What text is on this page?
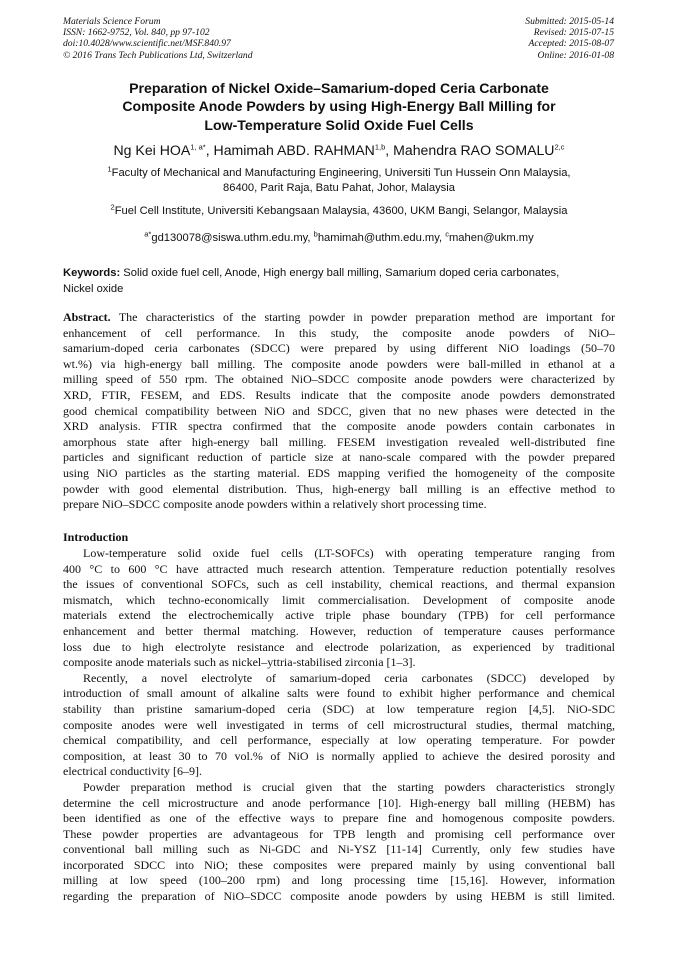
Materials Science Forum
ISSN: 1662-9752, Vol. 840, pp 97-102
doi:10.4028/www.scientific.net/MSF.840.97
© 2016 Trans Tech Publications Ltd, Switzerland
Submitted: 2015-05-14
Revised: 2015-07-15
Accepted: 2015-08-07
Online: 2016-01-08
Preparation of Nickel Oxide–Samarium-doped Ceria Carbonate
Composite Anode Powders by using High-Energy Ball Milling for
Low-Temperature Solid Oxide Fuel Cells
Ng Kei $HOA^{1, a*}$, Hamimah ABD. RAHMAN$^{1,b}$, Mahendra RAO SOMALU$^{2,c}$
$^1$Faculty of Mechanical and Manufacturing Engineering, Universiti Tun Hussein Onn Malaysia,
86400, Parit Raja, Batu Pahat, Johor, Malaysia
$^2$Fuel Cell Institute, Universiti Kebangsaan Malaysia, 43600, UKM Bangi, Selangor, Malaysia
$^{a*}$gd130078@siswa.uthm.edu.my, $^b$hamimah@uthm.edu.my, $^c$mahen@ukm.my
Keywords: Solid oxide fuel cell, Anode, High energy ball milling, Samarium doped ceria carbonates,
Nickel oxide
Abstract. The characteristics of the starting powder in powder preparation method are important for
enhancement of cell performance. In this study, the composite anode powders of NiO–
samarium-doped ceria carbonates (SDCC) were prepared by using different NiO loadings (50–70
wt.%) via high-energy ball milling. The composite anode powders were ball-milled in ethanol at a
milling speed of 550 rpm. The obtained NiO–SDCC composite anode powders were characterized by
XRD, FTIR, FESEM, and EDS. Results indicate that the composite anode powders demonstrated
good chemical compatibility between NiO and SDCC, given that no new phases were detected in the
XRD analysis. FTIR spectra confirmed that the composite anode powders contain carbonates in
amorphous state after high-energy ball milling. FESEM investigation revealed well-distributed fine
particles and significant reduction of particle size at nano-scale compared with the powder prepared
using NiO particles as the starting material. EDS mapping verified the homogeneity of the composite
powder with good elemental distribution. Thus, high-energy ball milling is an effective method to
prepare NiO–SDCC composite anode powders within a relatively short processing time.
Introduction
Low-temperature solid oxide fuel cells (LT-SOFCs) with operating temperature ranging from
400 °C to 600 °C have attracted much research attention. Temperature reduction potentially resolves
the issues of conventional SOFCs, such as cell instability, chemical reactions, and thermal expansion
mismatch, which techno-economically limit commercialisation. Development of composite anode
materials extend the electrochemically active triple phase boundary (TPB) for cell performance
enhancement and better thermal matching. However, reduction of temperature causes performance
loss due to high electrolyte resistance and electrode polarization, as experienced by traditional
composite anode materials such as nickel–yttria-stabilised zirconia [1–3].
Recently, a novel electrolyte of samarium-doped ceria carbonates (SDCC) developed by
introduction of small amount of alkaline salts were found to exhibit higher performance and chemical
stability than pristine samarium-doped ceria (SDC) at low temperature region [4,5]. NiO-SDC
composite anodes were well investigated in terms of cell microstructural studies, thermal matching,
chemical compatibility, and cell performance, especially at low operating temperature. For powder
composition, at least 30 to 70 vol.% of NiO is normally applied to achieve the desired porosity and
electrical conductivity [6–9].
Powder preparation method is crucial given that the starting powders characteristics strongly
determine the cell microstructure and anode performance [10]. High-energy ball milling (HEBM) has
been identified as one of the effective ways to prepare fine and homogenous composite powders.
These powder properties are advantageous for TPB length and promising cell performance over
conventional ball milling such as Ni-GDC and Ni-YSZ [11-14] Currently, only few studies have
incorporated SDCC into NiO; these composites were prepared mainly by using conventional ball
milling at low speed (100–200 rpm) and long processing time [15,16]. However, information
regarding the preparation of NiO–SDCC composite anode powders by using HEBM is still limited.
